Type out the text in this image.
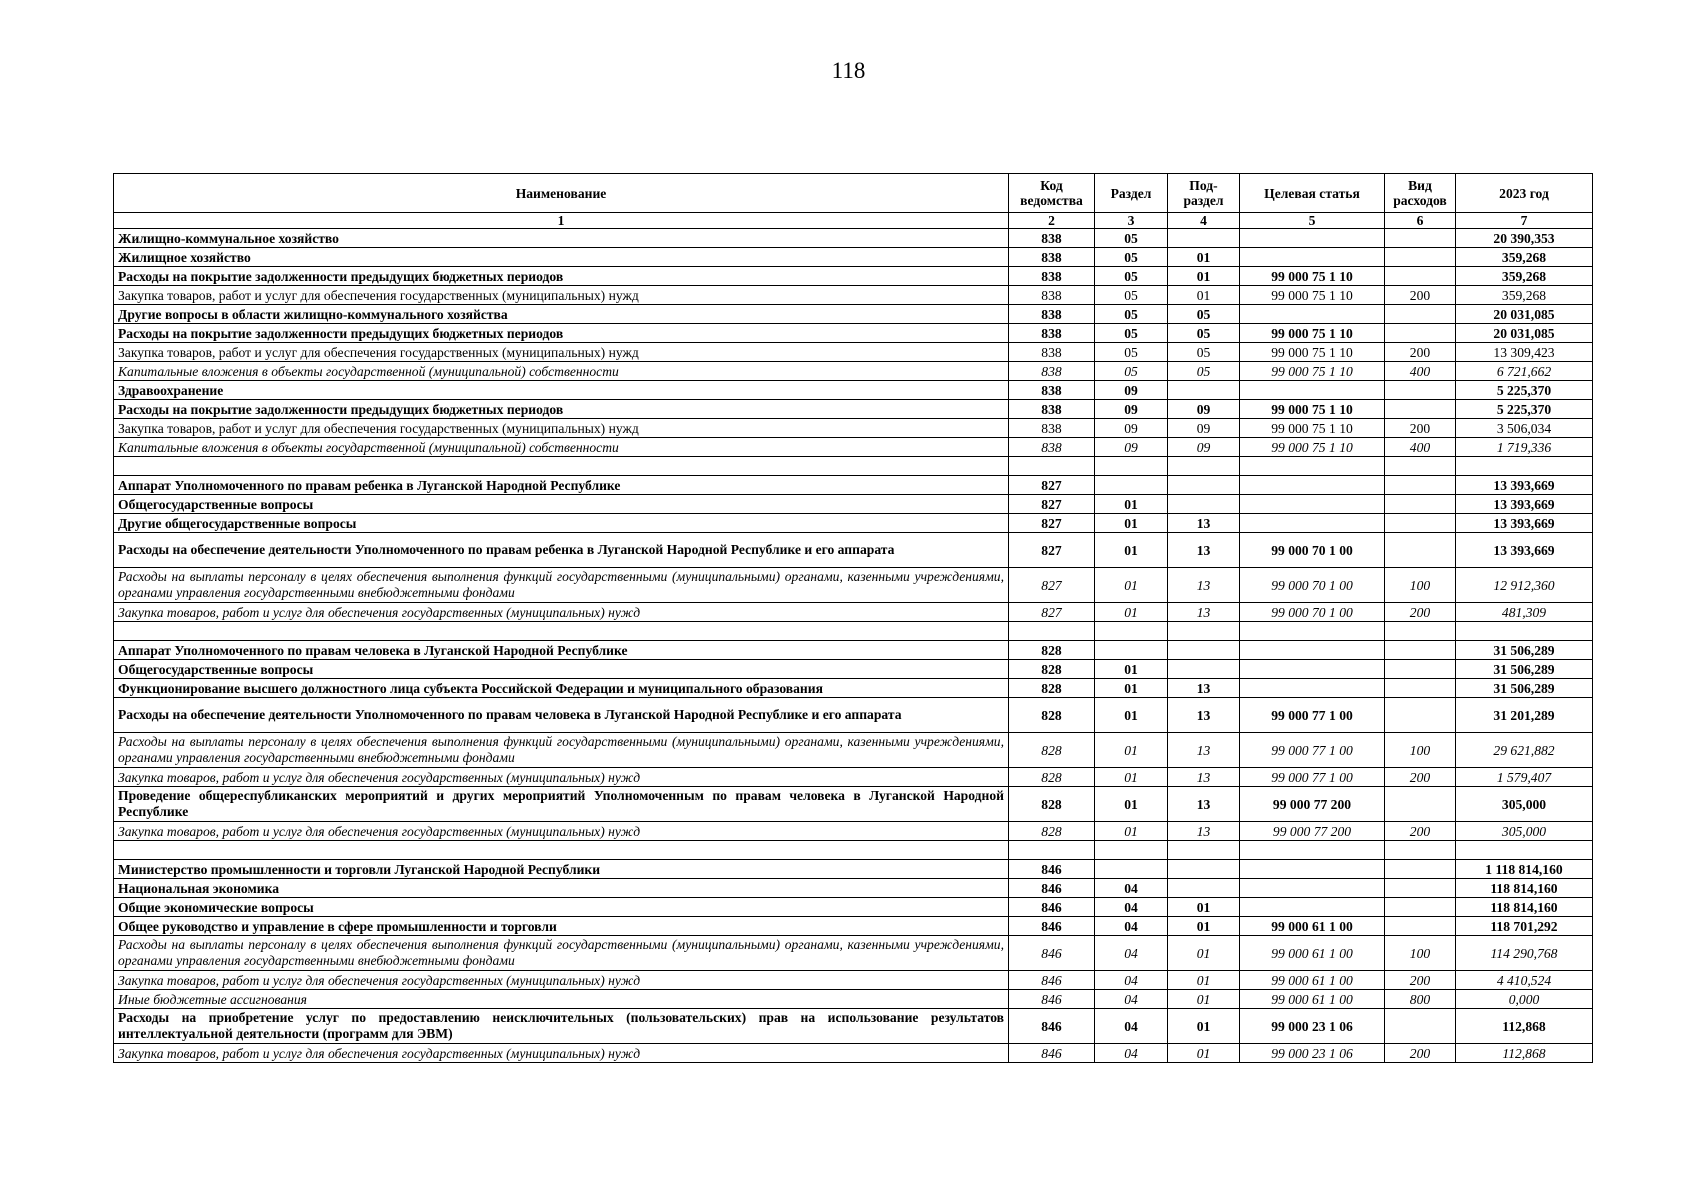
118
Наименование	Код ведомства	Раздел	Под-раздел	Целевая статья	Вид расходов	2023 год
1	2	3	4	5	6	7
Жилищно-коммунальное хозяйство	838	05				20 390,353
Жилищное хозяйство	838	05	01			359,268
Расходы на покрытие задолженности предыдущих бюджетных периодов	838	05	01	99 000 75 1 10		359,268
Закупка товаров, работ и услуг для обеспечения государственных (муниципальных) нужд	838	05	01	99 000 75 1 10	200	359,268
Другие вопросы в области жилищно-коммунального хозяйства	838	05	05			20 031,085
Расходы на покрытие задолженности предыдущих бюджетных периодов	838	05	05	99 000 75 1 10		20 031,085
Закупка товаров, работ и услуг для обеспечения государственных (муниципальных) нужд	838	05	05	99 000 75 1 10	200	13 309,423
Капитальные вложения в объекты государственной (муниципальной) собственности	838	05	05	99 000 75 1 10	400	6 721,662
Здравоохранение	838	09				5 225,370
Расходы на покрытие задолженности предыдущих бюджетных периодов	838	09	09	99 000 75 1 10		5 225,370
Закупка товаров, работ и услуг для обеспечения государственных (муниципальных) нужд	838	09	09	99 000 75 1 10	200	3 506,034
Капитальные вложения в объекты государственной (муниципальной) собственности	838	09	09	99 000 75 1 10	400	1 719,336

Аппарат Уполномоченного по правам ребенка в Луганской Народной Республике	827					13 393,669
Общегосударственные вопросы	827	01				13 393,669
Другие общегосударственные вопросы	827	01	13			13 393,669
Расходы на обеспечение деятельности Уполномоченного по правам ребенка в Луганской Народной Республике и его аппарата	827	01	13	99 000 70 1 00		13 393,669
Расходы на выплаты персоналу в целях обеспечения выполнения функций государственными (муниципальными) органами, казенными учреждениями, органами управления государственными внебюджетными фондами	827	01	13	99 000 70 1 00	100	12 912,360
Закупка товаров, работ и услуг для обеспечения государственных (муниципальных) нужд	827	01	13	99 000 70 1 00	200	481,309

Аппарат Уполномоченного по правам человека в Луганской Народной Республике	828					31 506,289
Общегосударственные вопросы	828	01				31 506,289
Функционирование высшего должностного лица субъекта Российской Федерации и муниципального образования	828	01	13			31 506,289
Расходы на обеспечение деятельности Уполномоченного по правам человека в Луганской Народной Республике и его аппарата	828	01	13	99 000 77 1 00		31 201,289
Расходы на выплаты персоналу в целях обеспечения выполнения функций государственными (муниципальными) органами, казенными учреждениями, органами управления государственными внебюджетными фондами	828	01	13	99 000 77 1 00	100	29 621,882
Закупка товаров, работ и услуг для обеспечения государственных (муниципальных) нужд	828	01	13	99 000 77 1 00	200	1 579,407
Проведение общереспубликанских мероприятий и других мероприятий Уполномоченным по правам человека в Луганской Народной Республике	828	01	13	99 000 77 200		305,000
Закупка товаров, работ и услуг для обеспечения государственных (муниципальных) нужд	828	01	13	99 000 77 200	200	305,000

Министерство промышленности и торговли Луганской Народной Республики	846					1 118 814,160
Национальная экономика	846	04				118 814,160
Общие экономические вопросы	846	04	01			118 814,160
Общее руководство и управление в сфере промышленности и торговли	846	04	01	99 000 61 1 00		118 701,292
Расходы на выплаты персоналу в целях обеспечения выполнения функций государственными (муниципальными) органами, казенными учреждениями, органами управления государственными внебюджетными фондами	846	04	01	99 000 61 1 00	100	114 290,768
Закупка товаров, работ и услуг для обеспечения государственных (муниципальных) нужд	846	04	01	99 000 61 1 00	200	4 410,524
Иные бюджетные ассигнования	846	04	01	99 000 61 1 00	800	0,000
Расходы на приобретение услуг по предоставлению неисключительных (пользовательских) прав на использование результатов интеллектуальной деятельности (программ для ЭВМ)	846	04	01	99 000 23 1 06		112,868
Закупка товаров, работ и услуг для обеспечения государственных (муниципальных) нужд	846	04	01	99 000 23 1 06	200	112,868
